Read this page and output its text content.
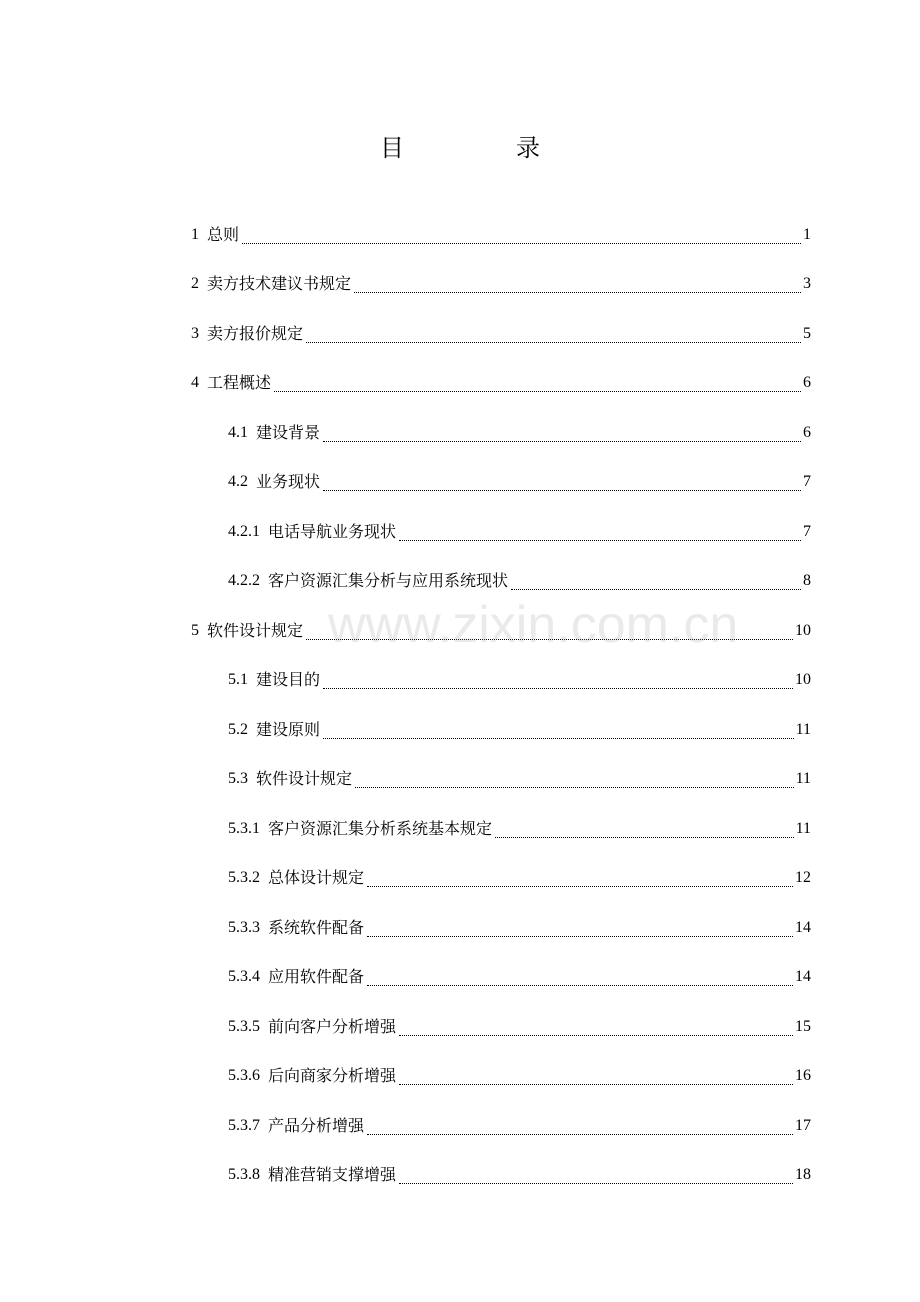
目　录
1 总则	1
2 卖方技术建议书规定	3
3 卖方报价规定	5
4 工程概述	6
4.1 建设背景	6
4.2 业务现状	7
4.2.1 电话导航业务现状	7
4.2.2 客户资源汇集分析与应用系统现状	8
5 软件设计规定	10
5.1 建设目的	10
5.2 建设原则	11
5.3 软件设计规定	11
5.3.1 客户资源汇集分析系统基本规定	11
5.3.2 总体设计规定	12
5.3.3 系统软件配备	14
5.3.4 应用软件配备	14
5.3.5 前向客户分析增强	15
5.3.6 后向商家分析增强	16
5.3.7 产品分析增强	17
5.3.8 精准营销支撑增强	18
www.zixin.com.cn
